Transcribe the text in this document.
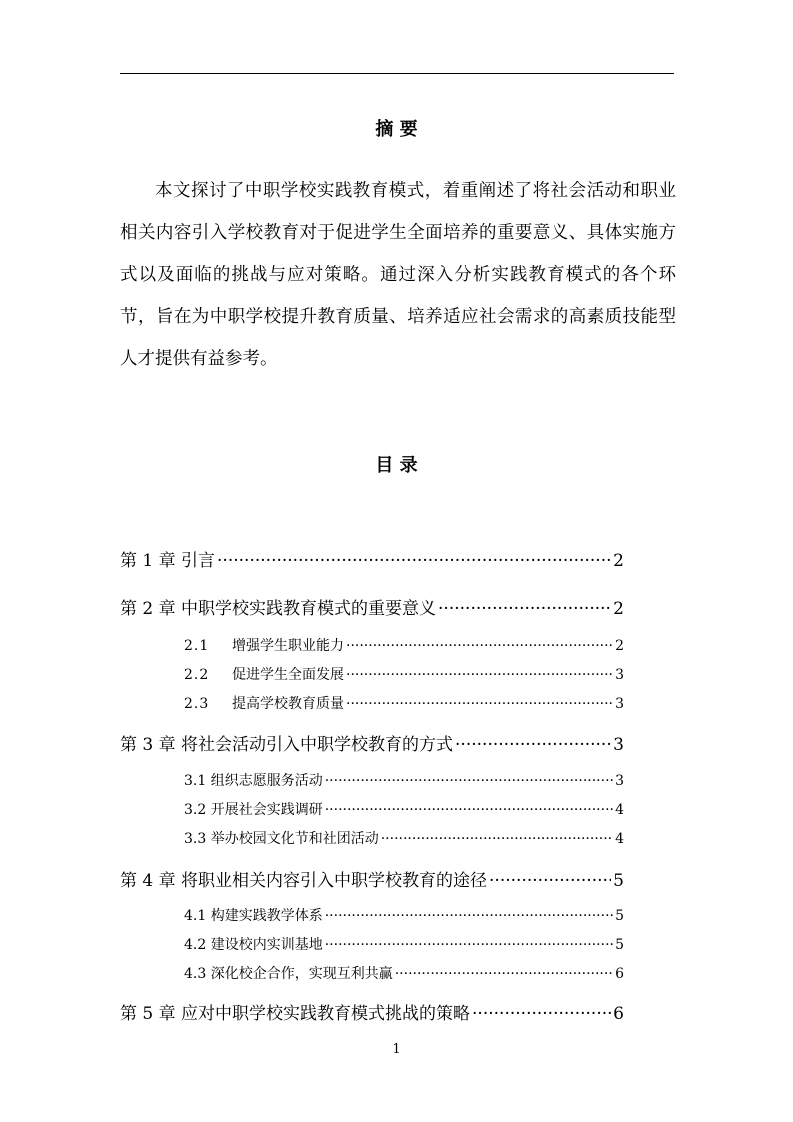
摘 要

本文探讨了中职学校实践教育模式，着重阐述了将社会活动和职业相关内容引入学校教育对于促进学生全面培养的重要意义、具体实施方式以及面临的挑战与应对策略。通过深入分析实践教育模式的各个环节，旨在为中职学校提升教育质量、培养适应社会需求的高素质技能型人才提供有益参考。

目 录
第 1 章 引言 ·····	2
第 2 章 中职学校实践教育模式的重要意义 ·····	2
2.1 增强学生职业能力 ·····	2
2.2 促进学生全面发展 ·····	3
2.3 提高学校教育质量 ·····	3
第 3 章 将社会活动引入中职学校教育的方式 ·····	3
3.1 组织志愿服务活动 ·····	3
3.2 开展社会实践调研 ·····	4
3.3 举办校园文化节和社团活动 ·····	4
第 4 章 将职业相关内容引入中职学校教育的途径 ·····	5
4.1 构建实践教学体系 ·····	5
4.2 建设校内实训基地 ·····	5
4.3 深化校企合作，实现互利共赢 ·····	6
第 5 章 应对中职学校实践教育模式挑战的策略 ·····	6
1
